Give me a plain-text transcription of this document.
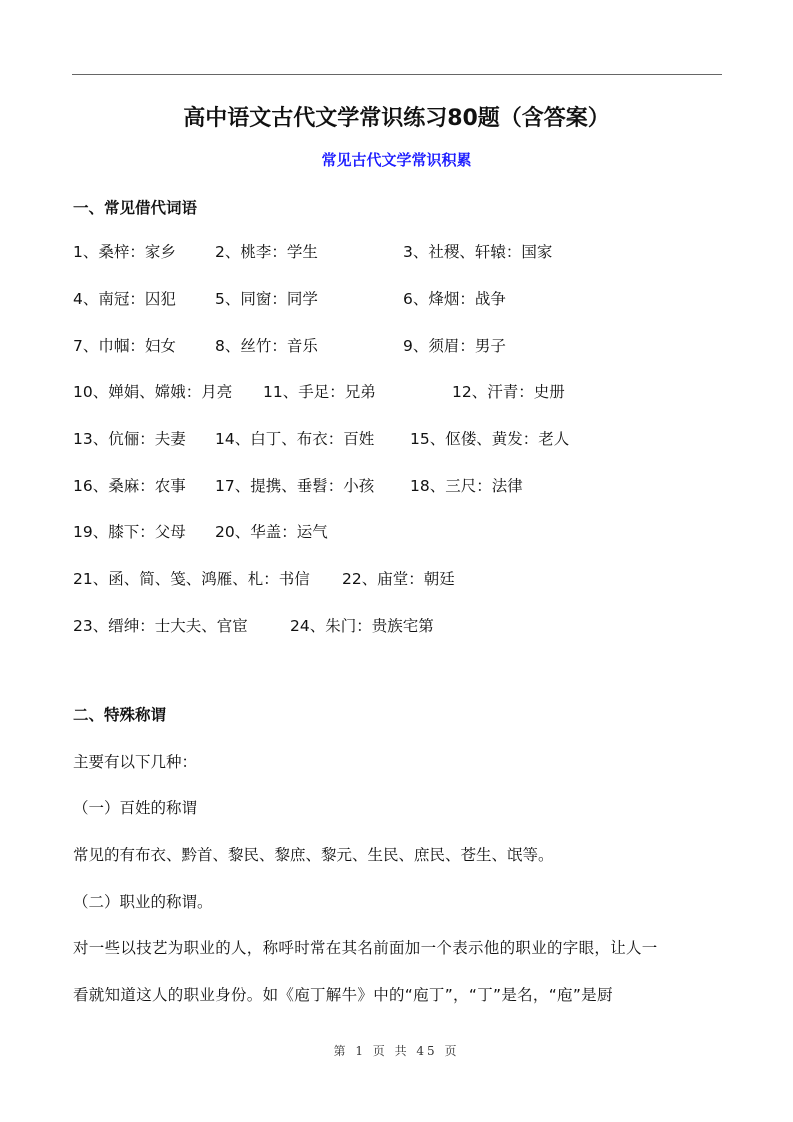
高中语文古代文学常识练习80题（含答案）
常见古代文学常识积累
一、常见借代词语
1、桑梓：家乡	2、桃李：学生	3、社稷、轩辕：国家
4、南冠：囚犯	5、同窗：同学	6、烽烟：战争
7、巾帼：妇女	8、丝竹：音乐	9、须眉：男子
10、婵娟、嫦娥：月亮 11、手足：兄弟	12、汗青：史册
13、伉俪：夫妻 14、白丁、布衣：百姓 15、伛偻、黄发：老人
16、桑麻：农事 17、提携、垂髫：小孩 18、三尺：法律
19、膝下：父母 20、华盖：运气
21、函、简、笺、鸿雁、札：书信 22、庙堂：朝廷
23、缙绅：士大夫、官宦	24、朱门：贵族宅第
二、特殊称谓
主要有以下几种：
（一）百姓的称谓
常见的有布衣、黔首、黎民、黎庶、黎元、生民、庶民、苍生、氓等。
（二）职业的称谓。
对一些以技艺为职业的人，称呼时常在其名前面加一个表示他的职业的字眼，让人一
看就知道这人的职业身份。如《庖丁解牛》中的“庖丁”，“丁”是名，“庖”是厨
第 1 页 共 45 页
